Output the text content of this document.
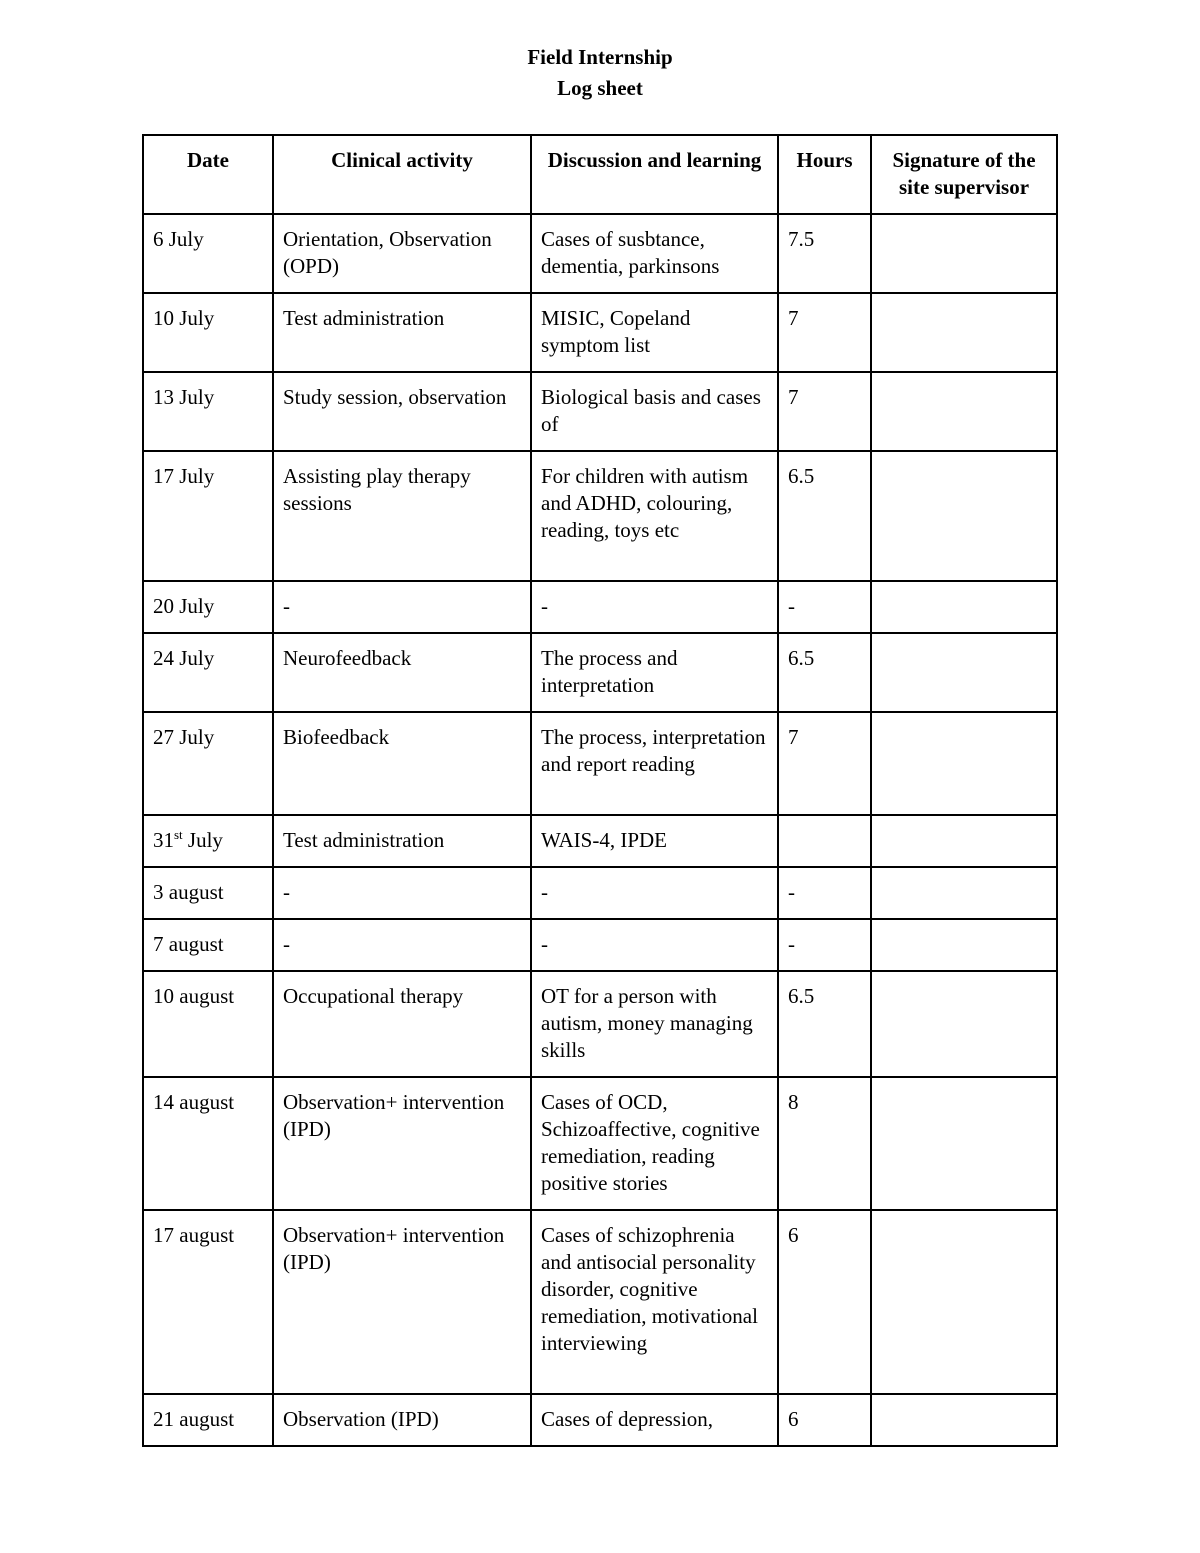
Field Internship
Log sheet
Date	Clinical activity	Discussion and learning	Hours	Signature of the site supervisor
6 July	Orientation, Observation (OPD)	Cases of susbtance, dementia, parkinsons	7.5	
10 July	Test administration	MISIC, Copeland symptom list	7	
13 July	Study session, observation	Biological basis and cases of	7	
17 July	Assisting play therapy sessions	For children with autism and ADHD, colouring, reading, toys etc	6.5	
20 July	-	-	-	
24 July	Neurofeedback	The process and interpretation	6.5	
27 July	Biofeedback	The process, interpretation and report reading	7	
31st July	Test administration	WAIS-4, IPDE		
3 august	-	-	-	
7 august	-	-	-	
10 august	Occupational therapy	OT for a person with autism, money managing skills	6.5	
14 august	Observation+ intervention (IPD)	Cases of OCD, Schizoaffective, cognitive remediation, reading positive stories	8	
17 august	Observation+ intervention (IPD)	Cases of schizophrenia and antisocial personality disorder, cognitive remediation, motivational interviewing	6	
21 august	Observation (IPD)	Cases of depression,	6	
